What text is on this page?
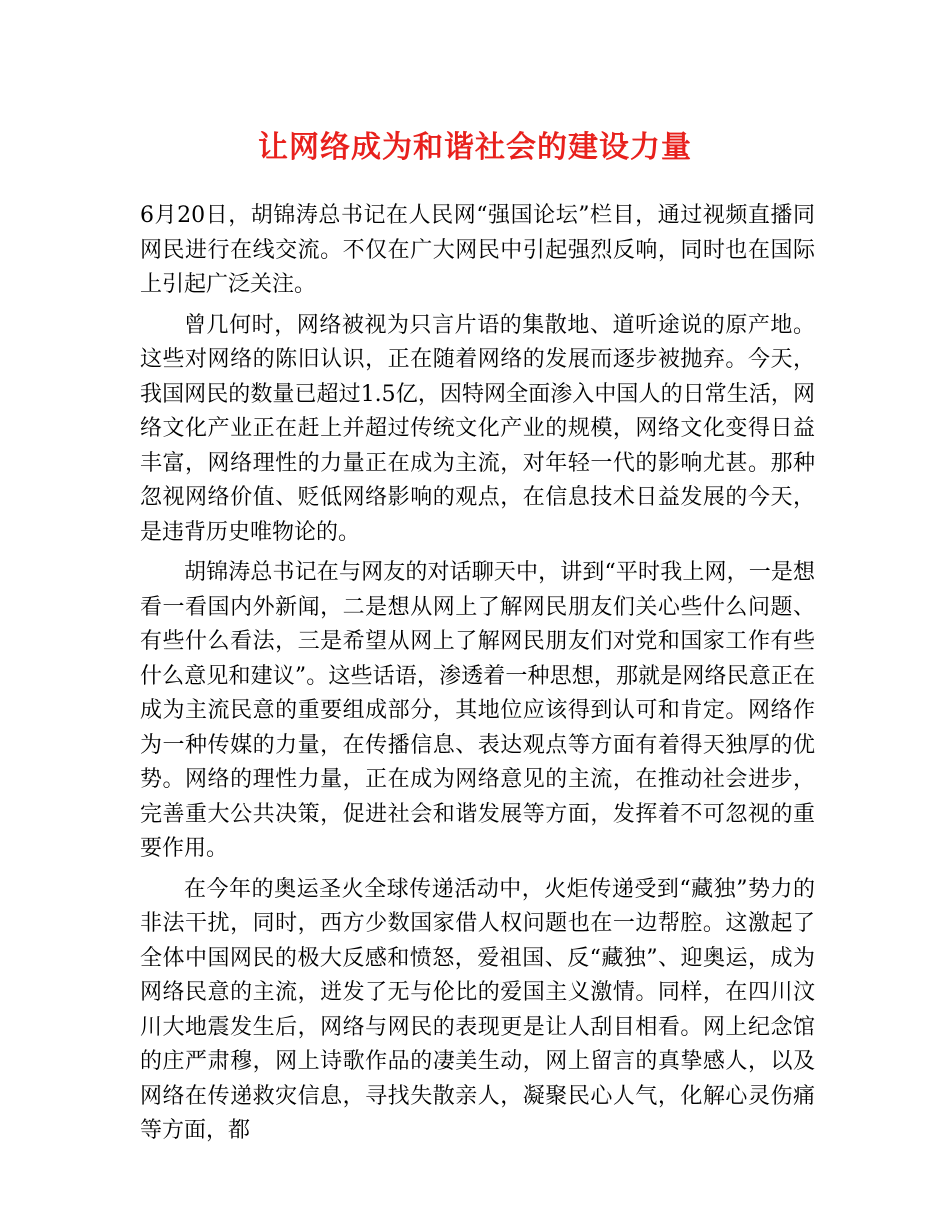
让网络成为和谐社会的建设力量

6月20日，胡锦涛总书记在人民网“强国论坛”栏目，通过视频直播同网民进行在线交流。不仅在广大网民中引起强烈反响，同时也在国际上引起广泛关注。

曾几何时，网络被视为只言片语的集散地、道听途说的原产地。这些对网络的陈旧认识，正在随着网络的发展而逐步被抛弃。今天，我国网民的数量已超过1.5亿，因特网全面渗入中国人的日常生活，网络文化产业正在赶上并超过传统文化产业的规模，网络文化变得日益丰富，网络理性的力量正在成为主流，对年轻一代的影响尤甚。那种忽视网络价值、贬低网络影响的观点，在信息技术日益发展的今天，是违背历史唯物论的。

胡锦涛总书记在与网友的对话聊天中，讲到“平时我上网，一是想看一看国内外新闻，二是想从网上了解网民朋友们关心些什么问题、有些什么看法，三是希望从网上了解网民朋友们对党和国家工作有些什么意见和建议”。这些话语，渗透着一种思想，那就是网络民意正在成为主流民意的重要组成部分，其地位应该得到认可和肯定。网络作为一种传媒的力量，在传播信息、表达观点等方面有着得天独厚的优势。网络的理性力量，正在成为网络意见的主流，在推动社会进步，完善重大公共决策，促进社会和谐发展等方面，发挥着不可忽视的重要作用。

在今年的奥运圣火全球传递活动中，火炬传递受到“藏独”势力的非法干扰，同时，西方少数国家借人权问题也在一边帮腔。这激起了全体中国网民的极大反感和愤怒，爱祖国、反“藏独”、迎奥运，成为网络民意的主流，迸发了无与伦比的爱国主义激情。同样，在四川汶川大地震发生后，网络与网民的表现更是让人刮目相看。网上纪念馆的庄严肃穆，网上诗歌作品的凄美生动，网上留言的真挚感人，以及网络在传递救灾信息，寻找失散亲人，凝聚民心人气，化解心灵伤痛等方面，都
